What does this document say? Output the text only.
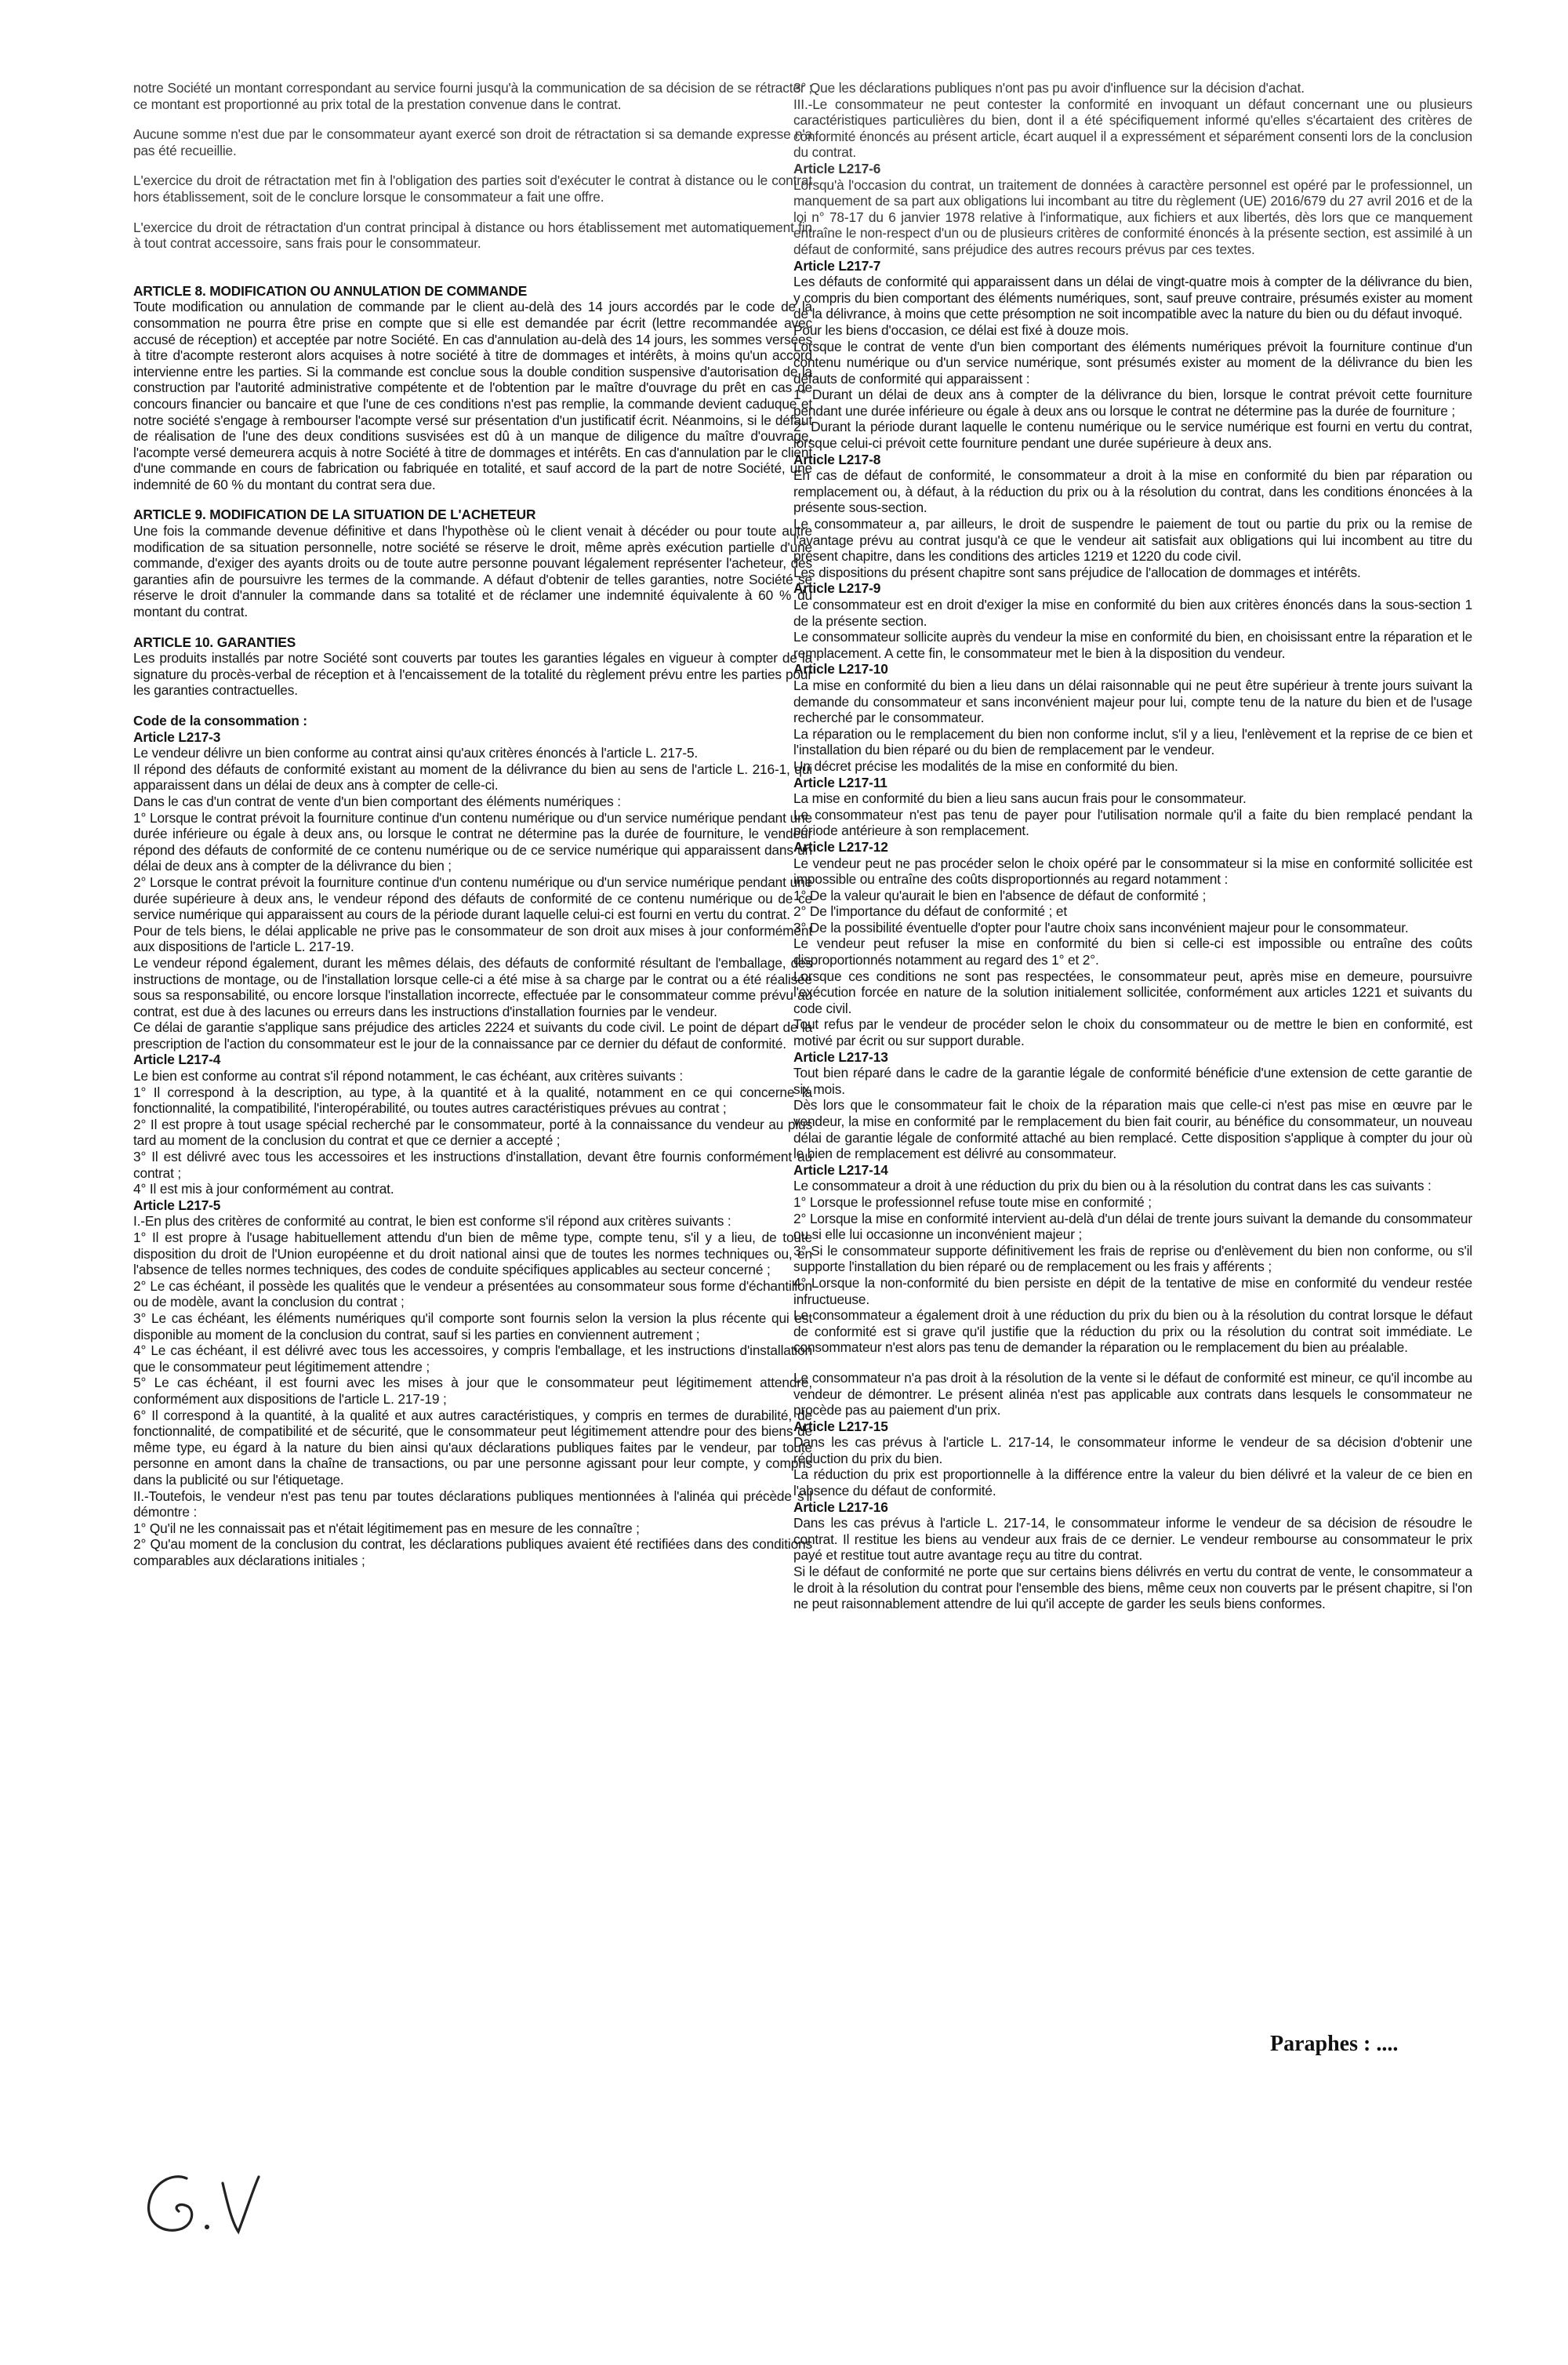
notre Société un montant correspondant au service fourni jusqu'à la communication de sa décision de se rétracter ; ce montant est proportionné au prix total de la prestation convenue dans le contrat.

Aucune somme n'est due par le consommateur ayant exercé son droit de rétractation si sa demande expresse n'a pas été recueillie.

L'exercice du droit de rétractation met fin à l'obligation des parties soit d'exécuter le contrat à distance ou le contrat hors établissement, soit de le conclure lorsque le consommateur a fait une offre.

L'exercice du droit de rétractation d'un contrat principal à distance ou hors établissement met automatiquement fin à tout contrat accessoire, sans frais pour le consommateur.

ARTICLE 8. MODIFICATION OU ANNULATION DE COMMANDE

Toute modification ou annulation de commande par le client au-delà des 14 jours accordés par le code de la consommation ne pourra être prise en compte que si elle est demandée par écrit (lettre recommandée avec accusé de réception) et acceptée par notre Société. En cas d'annulation au-delà des 14 jours, les sommes versées à titre d'acompte resteront alors acquises à notre société à titre de dommages et intérêts, à moins qu'un accord intervienne entre les parties. Si la commande est conclue sous la double condition suspensive d'autorisation de la construction par l'autorité administrative compétente et de l'obtention par le maître d'ouvrage du prêt en cas de concours financier ou bancaire et que l'une de ces conditions n'est pas remplie, la commande devient caduque et notre société s'engage à rembourser l'acompte versé sur présentation d'un justificatif écrit. Néanmoins, si le défaut de réalisation de l'une des deux conditions susvisées est dû à un manque de diligence du maître d'ouvrage, l'acompte versé demeurera acquis à notre Société à titre de dommages et intérêts. En cas d'annulation par le client d'une commande en cours de fabrication ou fabriquée en totalité, et sauf accord de la part de notre Société, une indemnité de 60 % du montant du contrat sera due.

ARTICLE 9. MODIFICATION DE LA SITUATION DE L'ACHETEUR

Une fois la commande devenue définitive et dans l'hypothèse où le client venait à décéder ou pour toute autre modification de sa situation personnelle, notre société se réserve le droit, même après exécution partielle d'une commande, d'exiger des ayants droits ou de toute autre personne pouvant légalement représenter l'acheteur, des garanties afin de poursuivre les termes de la commande. A défaut d'obtenir de telles garanties, notre Société se réserve le droit d'annuler la commande dans sa totalité et de réclamer une indemnité équivalente à 60 % du montant du contrat.

ARTICLE 10. GARANTIES

Les produits installés par notre Société sont couverts par toutes les garanties légales en vigueur à compter de la signature du procès-verbal de réception et à l'encaissement de la totalité du règlement prévu entre les parties pour les garanties contractuelles.

Code de la consommation :
Article L217-3

Le vendeur délivre un bien conforme au contrat ainsi qu'aux critères énoncés à l'article L. 217-5.

Il répond des défauts de conformité existant au moment de la délivrance du bien au sens de l'article L. 216-1, qui apparaissent dans un délai de deux ans à compter de celle-ci.

Dans le cas d'un contrat de vente d'un bien comportant des éléments numériques :

1° Lorsque le contrat prévoit la fourniture continue d'un contenu numérique ou d'un service numérique pendant une durée inférieure ou égale à deux ans, ou lorsque le contrat ne détermine pas la durée de fourniture, le vendeur répond des défauts de conformité de ce contenu numérique ou de ce service numérique qui apparaissent dans un délai de deux ans à compter de la délivrance du bien ;

2° Lorsque le contrat prévoit la fourniture continue d'un contenu numérique ou d'un service numérique pendant une durée supérieure à deux ans, le vendeur répond des défauts de conformité de ce contenu numérique ou de ce service numérique qui apparaissent au cours de la période durant laquelle celui-ci est fourni en vertu du contrat.

Pour de tels biens, le délai applicable ne prive pas le consommateur de son droit aux mises à jour conformément aux dispositions de l'article L. 217-19.

Le vendeur répond également, durant les mêmes délais, des défauts de conformité résultant de l'emballage, des instructions de montage, ou de l'installation lorsque celle-ci a été mise à sa charge par le contrat ou a été réalisée sous sa responsabilité, ou encore lorsque l'installation incorrecte, effectuée par le consommateur comme prévu au contrat, est due à des lacunes ou erreurs dans les instructions d'installation fournies par le vendeur.

Ce délai de garantie s'applique sans préjudice des articles 2224 et suivants du code civil. Le point de départ de la prescription de l'action du consommateur est le jour de la connaissance par ce dernier du défaut de conformité.

Article L217-4

Le bien est conforme au contrat s'il répond notamment, le cas échéant, aux critères suivants :

1° Il correspond à la description, au type, à la quantité et à la qualité, notamment en ce qui concerne la fonctionnalité, la compatibilité, l'interopérabilité, ou toutes autres caractéristiques prévues au contrat ;

2° Il est propre à tout usage spécial recherché par le consommateur, porté à la connaissance du vendeur au plus tard au moment de la conclusion du contrat et que ce dernier a accepté ;

3° Il est délivré avec tous les accessoires et les instructions d'installation, devant être fournis conformément au contrat ;

4° Il est mis à jour conformément au contrat.

Article L217-5

I.-En plus des critères de conformité au contrat, le bien est conforme s'il répond aux critères suivants :

1° Il est propre à l'usage habituellement attendu d'un bien de même type, compte tenu, s'il y a lieu, de toute disposition du droit de l'Union européenne et du droit national ainsi que de toutes les normes techniques ou, en l'absence de telles normes techniques, des codes de conduite spécifiques applicables au secteur concerné ;

2° Le cas échéant, il possède les qualités que le vendeur a présentées au consommateur sous forme d'échantillon ou de modèle, avant la conclusion du contrat ;

3° Le cas échéant, les éléments numériques qu'il comporte sont fournis selon la version la plus récente qui est disponible au moment de la conclusion du contrat, sauf si les parties en conviennent autrement ;

4° Le cas échéant, il est délivré avec tous les accessoires, y compris l'emballage, et les instructions d'installation que le consommateur peut légitimement attendre ;

5° Le cas échéant, il est fourni avec les mises à jour que le consommateur peut légitimement attendre, conformément aux dispositions de l'article L. 217-19 ;

6° Il correspond à la quantité, à la qualité et aux autres caractéristiques, y compris en termes de durabilité, de fonctionnalité, de compatibilité et de sécurité, que le consommateur peut légitimement attendre pour des biens de même type, eu égard à la nature du bien ainsi qu'aux déclarations publiques faites par le vendeur, par toute personne en amont dans la chaîne de transactions, ou par une personne agissant pour leur compte, y compris dans la publicité ou sur l'étiquetage.

II.-Toutefois, le vendeur n'est pas tenu par toutes déclarations publiques mentionnées à l'alinéa qui précède s'il démontre :

1° Qu'il ne les connaissait pas et n'était légitimement pas en mesure de les connaître ;

2° Qu'au moment de la conclusion du contrat, les déclarations publiques avaient été rectifiées dans des conditions comparables aux déclarations initiales ;

3° Que les déclarations publiques n'ont pas pu avoir d'influence sur la décision d'achat.

III.-Le consommateur ne peut contester la conformité en invoquant un défaut concernant une ou plusieurs caractéristiques particulières du bien, dont il a été spécifiquement informé qu'elles s'écartaient des critères de conformité énoncés au présent article, écart auquel il a expressément et séparément consenti lors de la conclusion du contrat.

Article L217-6

Lorsqu'à l'occasion du contrat, un traitement de données à caractère personnel est opéré par le professionnel, un manquement de sa part aux obligations lui incombant au titre du règlement (UE) 2016/679 du 27 avril 2016 et de la loi n° 78-17 du 6 janvier 1978 relative à l'informatique, aux fichiers et aux libertés, dès lors que ce manquement entraîne le non-respect d'un ou de plusieurs critères de conformité énoncés à la présente section, est assimilé à un défaut de conformité, sans préjudice des autres recours prévus par ces textes.

Article L217-7

Les défauts de conformité qui apparaissent dans un délai de vingt-quatre mois à compter de la délivrance du bien, y compris du bien comportant des éléments numériques, sont, sauf preuve contraire, présumés exister au moment de la délivrance, à moins que cette présomption ne soit incompatible avec la nature du bien ou du défaut invoqué.

Pour les biens d'occasion, ce délai est fixé à douze mois.

Lorsque le contrat de vente d'un bien comportant des éléments numériques prévoit la fourniture continue d'un contenu numérique ou d'un service numérique, sont présumés exister au moment de la délivrance du bien les défauts de conformité qui apparaissent :

1° Durant un délai de deux ans à compter de la délivrance du bien, lorsque le contrat prévoit cette fourniture pendant une durée inférieure ou égale à deux ans ou lorsque le contrat ne détermine pas la durée de fourniture ;

2° Durant la période durant laquelle le contenu numérique ou le service numérique est fourni en vertu du contrat, lorsque celui-ci prévoit cette fourniture pendant une durée supérieure à deux ans.

Article L217-8

En cas de défaut de conformité, le consommateur a droit à la mise en conformité du bien par réparation ou remplacement ou, à défaut, à la réduction du prix ou à la résolution du contrat, dans les conditions énoncées à la présente sous-section.

Le consommateur a, par ailleurs, le droit de suspendre le paiement de tout ou partie du prix ou la remise de l'avantage prévu au contrat jusqu'à ce que le vendeur ait satisfait aux obligations qui lui incombent au titre du présent chapitre, dans les conditions des articles 1219 et 1220 du code civil.

Les dispositions du présent chapitre sont sans préjudice de l'allocation de dommages et intérêts.

Article L217-9

Le consommateur est en droit d'exiger la mise en conformité du bien aux critères énoncés dans la sous-section 1 de la présente section.

Le consommateur sollicite auprès du vendeur la mise en conformité du bien, en choisissant entre la réparation et le remplacement. A cette fin, le consommateur met le bien à la disposition du vendeur.

Article L217-10

La mise en conformité du bien a lieu dans un délai raisonnable qui ne peut être supérieur à trente jours suivant la demande du consommateur et sans inconvénient majeur pour lui, compte tenu de la nature du bien et de l'usage recherché par le consommateur.

La réparation ou le remplacement du bien non conforme inclut, s'il y a lieu, l'enlèvement et la reprise de ce bien et l'installation du bien réparé ou du bien de remplacement par le vendeur.

Un décret précise les modalités de la mise en conformité du bien.

Article L217-11

La mise en conformité du bien a lieu sans aucun frais pour le consommateur.

Le consommateur n'est pas tenu de payer pour l'utilisation normale qu'il a faite du bien remplacé pendant la période antérieure à son remplacement.

Article L217-12

Le vendeur peut ne pas procéder selon le choix opéré par le consommateur si la mise en conformité sollicitée est impossible ou entraîne des coûts disproportionnés au regard notamment :

1° De la valeur qu'aurait le bien en l'absence de défaut de conformité ;

2° De l'importance du défaut de conformité ; et

3° De la possibilité éventuelle d'opter pour l'autre choix sans inconvénient majeur pour le consommateur.

Le vendeur peut refuser la mise en conformité du bien si celle-ci est impossible ou entraîne des coûts disproportionnés notamment au regard des 1° et 2°.

Lorsque ces conditions ne sont pas respectées, le consommateur peut, après mise en demeure, poursuivre l'exécution forcée en nature de la solution initialement sollicitée, conformément aux articles 1221 et suivants du code civil.

Tout refus par le vendeur de procéder selon le choix du consommateur ou de mettre le bien en conformité, est motivé par écrit ou sur support durable.

Article L217-13

Tout bien réparé dans le cadre de la garantie légale de conformité bénéficie d'une extension de cette garantie de six mois.

Dès lors que le consommateur fait le choix de la réparation mais que celle-ci n'est pas mise en œuvre par le vendeur, la mise en conformité par le remplacement du bien fait courir, au bénéfice du consommateur, un nouveau délai de garantie légale de conformité attaché au bien remplacé. Cette disposition s'applique à compter du jour où le bien de remplacement est délivré au consommateur.

Article L217-14

Le consommateur a droit à une réduction du prix du bien ou à la résolution du contrat dans les cas suivants :

1° Lorsque le professionnel refuse toute mise en conformité ;

2° Lorsque la mise en conformité intervient au-delà d'un délai de trente jours suivant la demande du consommateur ou si elle lui occasionne un inconvénient majeur ;

3° Si le consommateur supporte définitivement les frais de reprise ou d'enlèvement du bien non conforme, ou s'il supporte l'installation du bien réparé ou de remplacement ou les frais y afférents ;

4° Lorsque la non-conformité du bien persiste en dépit de la tentative de mise en conformité du vendeur restée infructueuse.

Le consommateur a également droit à une réduction du prix du bien ou à la résolution du contrat lorsque le défaut de conformité est si grave qu'il justifie que la réduction du prix ou la résolution du contrat soit immédiate. Le consommateur n'est alors pas tenu de demander la réparation ou le remplacement du bien au préalable.

Le consommateur n'a pas droit à la résolution de la vente si le défaut de conformité est mineur, ce qu'il incombe au vendeur de démontrer. Le présent alinéa n'est pas applicable aux contrats dans lesquels le consommateur ne procède pas au paiement d'un prix.

Article L217-15

Dans les cas prévus à l'article L. 217-14, le consommateur informe le vendeur de sa décision d'obtenir une réduction du prix du bien.

La réduction du prix est proportionnelle à la différence entre la valeur du bien délivré et la valeur de ce bien en l'absence du défaut de conformité.

Article L217-16

Dans les cas prévus à l'article L. 217-14, le consommateur informe le vendeur de sa décision de résoudre le contrat. Il restitue les biens au vendeur aux frais de ce dernier. Le vendeur rembourse au consommateur le prix payé et restitue tout autre avantage reçu au titre du contrat.

Si le défaut de conformité ne porte que sur certains biens délivrés en vertu du contrat de vente, le consommateur a le droit à la résolution du contrat pour l'ensemble des biens, même ceux non couverts par le présent chapitre, si l'on ne peut raisonnablement attendre de lui qu'il accepte de garder les seuls biens conformes.

Paraphes : ....
